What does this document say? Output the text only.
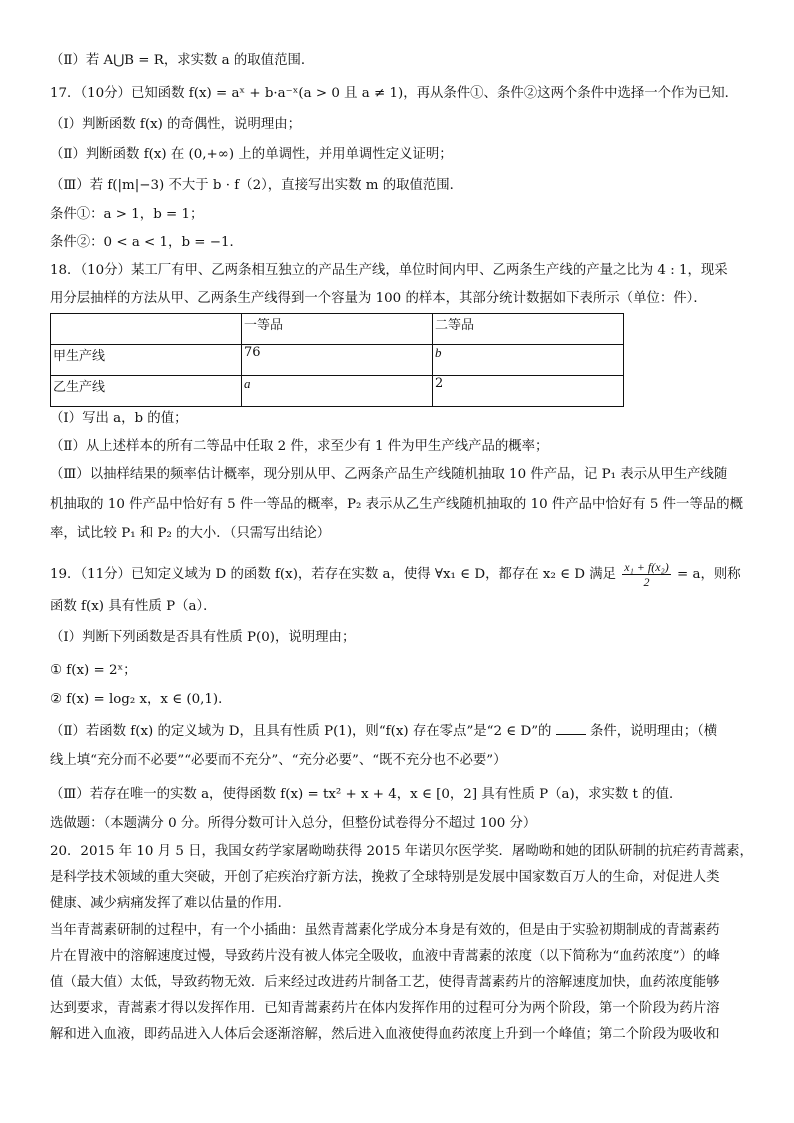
（Ⅱ）若 A⋃B = R，求实数 a 的取值范围．
17．（10分）已知函数 f(x) = aˣ + b·a⁻ˣ(a > 0 且 a ≠ 1)，再从条件①、条件②这两个条件中选择一个作为已知．
（Ⅰ）判断函数 f(x) 的奇偶性，说明理由；
（Ⅱ）判断函数 f(x) 在 (0,+∞) 上的单调性，并用单调性定义证明；
（Ⅲ）若 f(|m|−3) 不大于 b · f（2），直接写出实数 m 的取值范围．
条件①：a > 1，b = 1；
条件②：0 < a < 1，b = −1．
18．（10分）某工厂有甲、乙两条相互独立的产品生产线，单位时间内甲、乙两条生产线的产量之比为 4 : 1，现采
用分层抽样的方法从甲、乙两条生产线得到一个容量为 100 的样本，其部分统计数据如下表所示（单位：件）．
	一等品	二等品
甲生产线	76	b
乙生产线	a	2
（Ⅰ）写出 a，b 的值；
（Ⅱ）从上述样本的所有二等品中任取 2 件，求至少有 1 件为甲生产线产品的概率；
（Ⅲ）以抽样结果的频率估计概率，现分别从甲、乙两条产品生产线随机抽取 10 件产品，记 P₁ 表示从甲生产线随
机抽取的 10 件产品中恰好有 5 件一等品的概率，P₂ 表示从乙生产线随机抽取的 10 件产品中恰好有 5 件一等品的概
率，试比较 P₁ 和 P₂ 的大小．（只需写出结论）
19．（11分）已知定义域为 D 的函数 f(x)，若存在实数 a，使得 ∀x₁ ∈ D，都存在 x₂ ∈ D 满足 $\frac{\text{x₁ + f(x₂)}}{2} = a$，则称
函数 f(x) 具有性质 P（a）．
（Ⅰ）判断下列函数是否具有性质 P(0)，说明理由；
① f(x) = 2ˣ；
② f(x) = log₂ x，x ∈ (0,1)．
（Ⅱ）若函数 f(x) 的定义域为 D，且具有性质 P(1)，则“f(x) 存在零点”是“2 ∈ D”的	条件，说明理由；（横
线上填“充分而不必要”“必要而不充分”、“充分必要”、“既不充分也不必要”）
（Ⅲ）若存在唯一的实数 a，使得函数 f(x) = tx² + x + 4，x ∈ [0，2] 具有性质 P（a)，求实数 t 的值．
选做题：（本题满分 0 分。所得分数可计入总分，但整份试卷得分不超过 100 分）
20．2015 年 10 月 5 日，我国女药学家屠呦呦获得 2015 年诺贝尔医学奖．屠呦呦和她的团队研制的抗疟药青蒿素，
是科学技术领域的重大突破，开创了疟疾治疗新方法，挽救了全球特别是发展中国家数百万人的生命，对促进人类
健康、减少病痛发挥了难以估量的作用．
当年青蒿素研制的过程中，有一个小插曲：虽然青蒿素化学成分本身是有效的，但是由于实验初期制成的青蒿素药
片在胃液中的溶解速度过慢，导致药片没有被人体完全吸收，血液中青蒿素的浓度（以下简称为“血药浓度”）的峰
值（最大值）太低，导致药物无效．后来经过改进药片制备工艺，使得青蒿素药片的溶解速度加快，血药浓度能够
达到要求，青蒿素才得以发挥作用．已知青蒿素药片在体内发挥作用的过程可分为两个阶段，第一个阶段为药片溶
解和进入血液，即药品进入人体后会逐渐溶解，然后进入血液使得血药浓度上升到一个峰值；第二个阶段为吸收和
